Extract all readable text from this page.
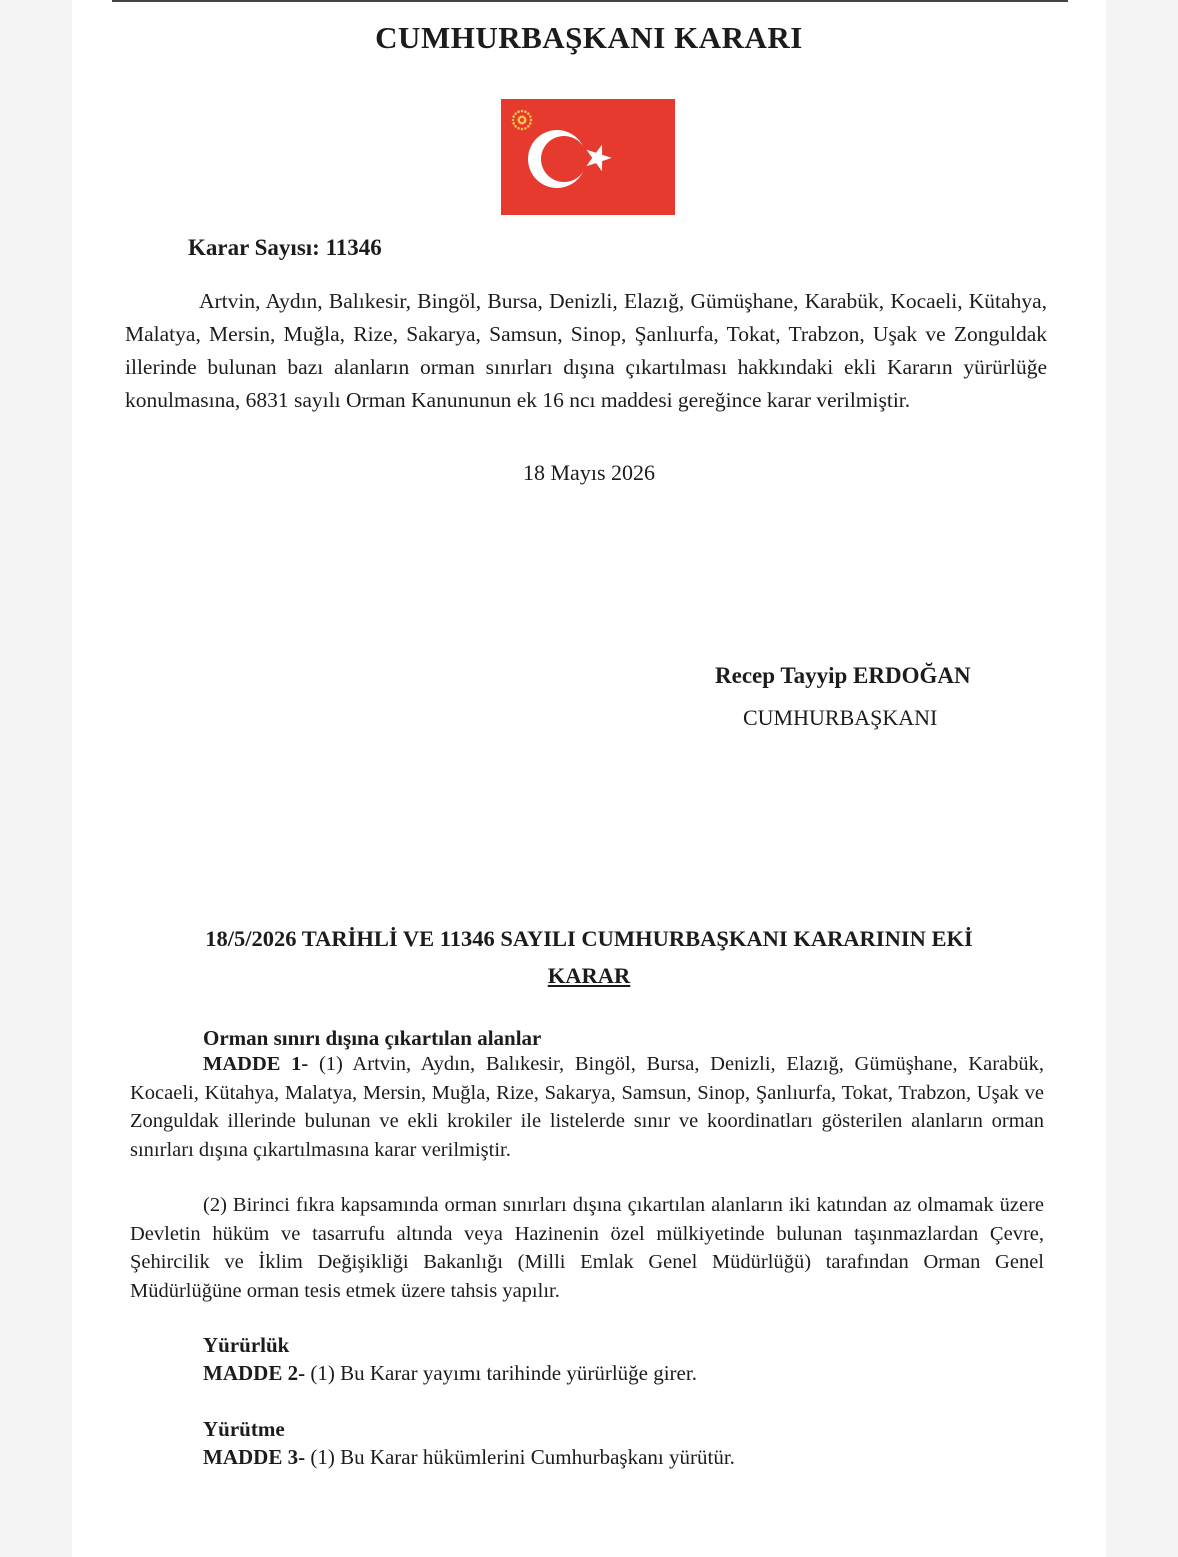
CUMHURBAŞKANI KARARI
Karar Sayısı: 11346
Artvin, Aydın, Balıkesir, Bingöl, Bursa, Denizli, Elazığ, Gümüşhane, Karabük, Kocaeli, Kütahya, Malatya, Mersin, Muğla, Rize, Sakarya, Samsun, Sinop, Şanlıurfa, Tokat, Trabzon, Uşak ve Zonguldak illerinde bulunan bazı alanların orman sınırları dışına çıkartılması hakkındaki ekli Kararın yürürlüğe konulmasına, 6831 sayılı Orman Kanununun ek 16 ncı maddesi gereğince karar verilmiştir.
18 Mayıs 2026
Recep Tayyip ERDOĞAN
CUMHURBAŞKANI
18/5/2026 TARİHLİ VE 11346 SAYILI CUMHURBAŞKANI KARARININ EKİ
KARAR
Orman sınırı dışına çıkartılan alanlar
MADDE 1- (1) Artvin, Aydın, Balıkesir, Bingöl, Bursa, Denizli, Elazığ, Gümüşhane, Karabük, Kocaeli, Kütahya, Malatya, Mersin, Muğla, Rize, Sakarya, Samsun, Sinop, Şanlıurfa, Tokat, Trabzon, Uşak ve Zonguldak illerinde bulunan ve ekli krokiler ile listelerde sınır ve koordinatları gösterilen alanların orman sınırları dışına çıkartılmasına karar verilmiştir.
(2) Birinci fıkra kapsamında orman sınırları dışına çıkartılan alanların iki katından az olmamak üzere Devletin hüküm ve tasarrufu altında veya Hazinenin özel mülkiyetinde bulunan taşınmazlardan Çevre, Şehircilik ve İklim Değişikliği Bakanlığı (Milli Emlak Genel Müdürlüğü) tarafından Orman Genel Müdürlüğüne orman tesis etmek üzere tahsis yapılır.
Yürürlük
MADDE 2- (1) Bu Karar yayımı tarihinde yürürlüğe girer.
Yürütme
MADDE 3- (1) Bu Karar hükümlerini Cumhurbaşkanı yürütür.
